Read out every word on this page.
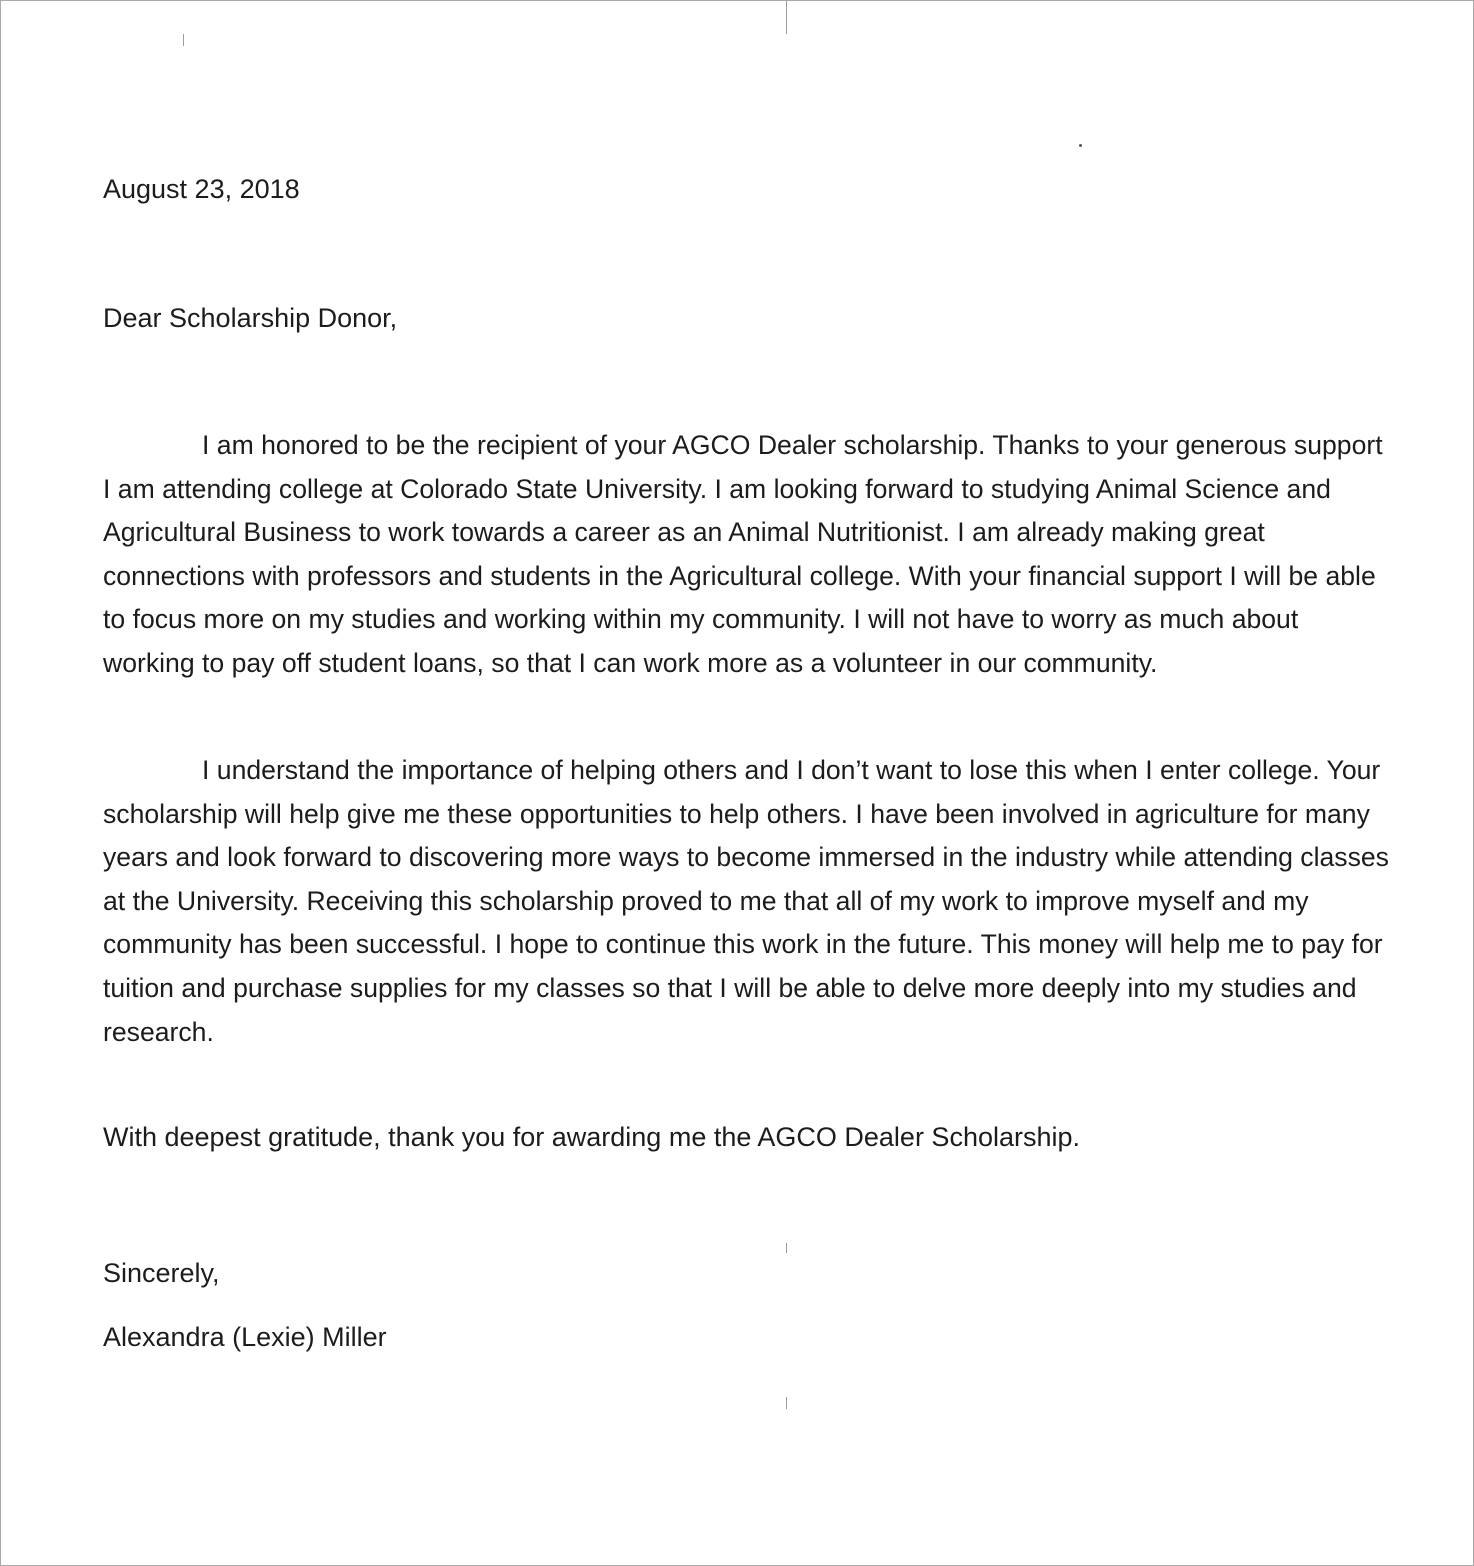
August 23, 2018
Dear Scholarship Donor,

I am honored to be the recipient of your AGCO Dealer scholarship. Thanks to your generous support I am attending college at Colorado State University. I am looking forward to studying Animal Science and Agricultural Business to work towards a career as an Animal Nutritionist. I am already making great connections with professors and students in the Agricultural college. With your financial support I will be able to focus more on my studies and working within my community. I will not have to worry as much about working to pay off student loans, so that I can work more as a volunteer in our community.

I understand the importance of helping others and I don’t want to lose this when I enter college. Your scholarship will help give me these opportunities to help others. I have been involved in agriculture for many years and look forward to discovering more ways to become immersed in the industry while attending classes at the University. Receiving this scholarship proved to me that all of my work to improve myself and my community has been successful. I hope to continue this work in the future. This money will help me to pay for tuition and purchase supplies for my classes so that I will be able to delve more deeply into my studies and research.

With deepest gratitude, thank you for awarding me the AGCO Dealer Scholarship.
Sincerely,
Alexandra (Lexie) Miller
